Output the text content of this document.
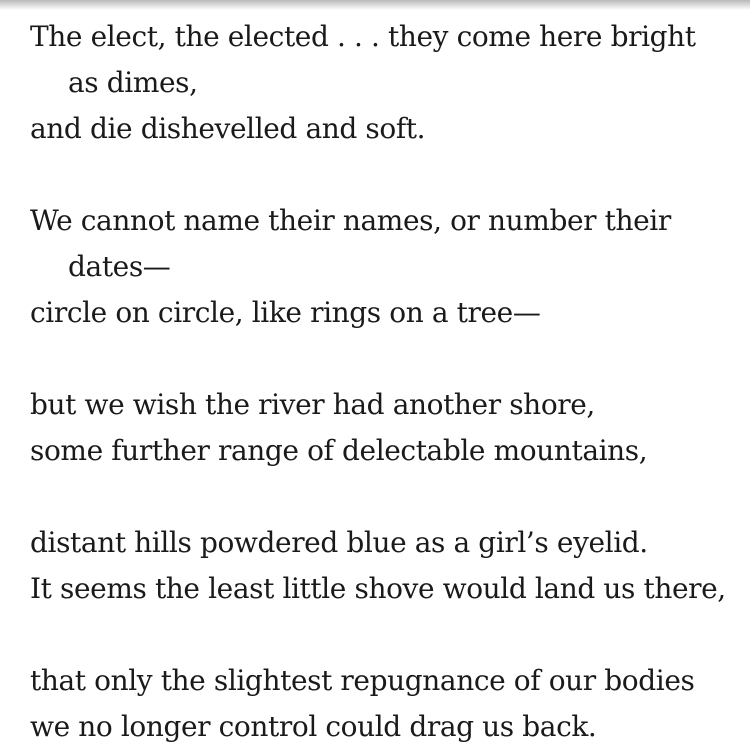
The elect, the elected . . . they come here bright
as dimes,
and die dishevelled and soft.
We cannot name their names, or number their
dates—
circle on circle, like rings on a tree—
but we wish the river had another shore,
some further range of delectable mountains,
distant hills powdered blue as a girl’s eyelid.
It seems the least little shove would land us there,
that only the slightest repugnance of our bodies
we no longer control could drag us back.
